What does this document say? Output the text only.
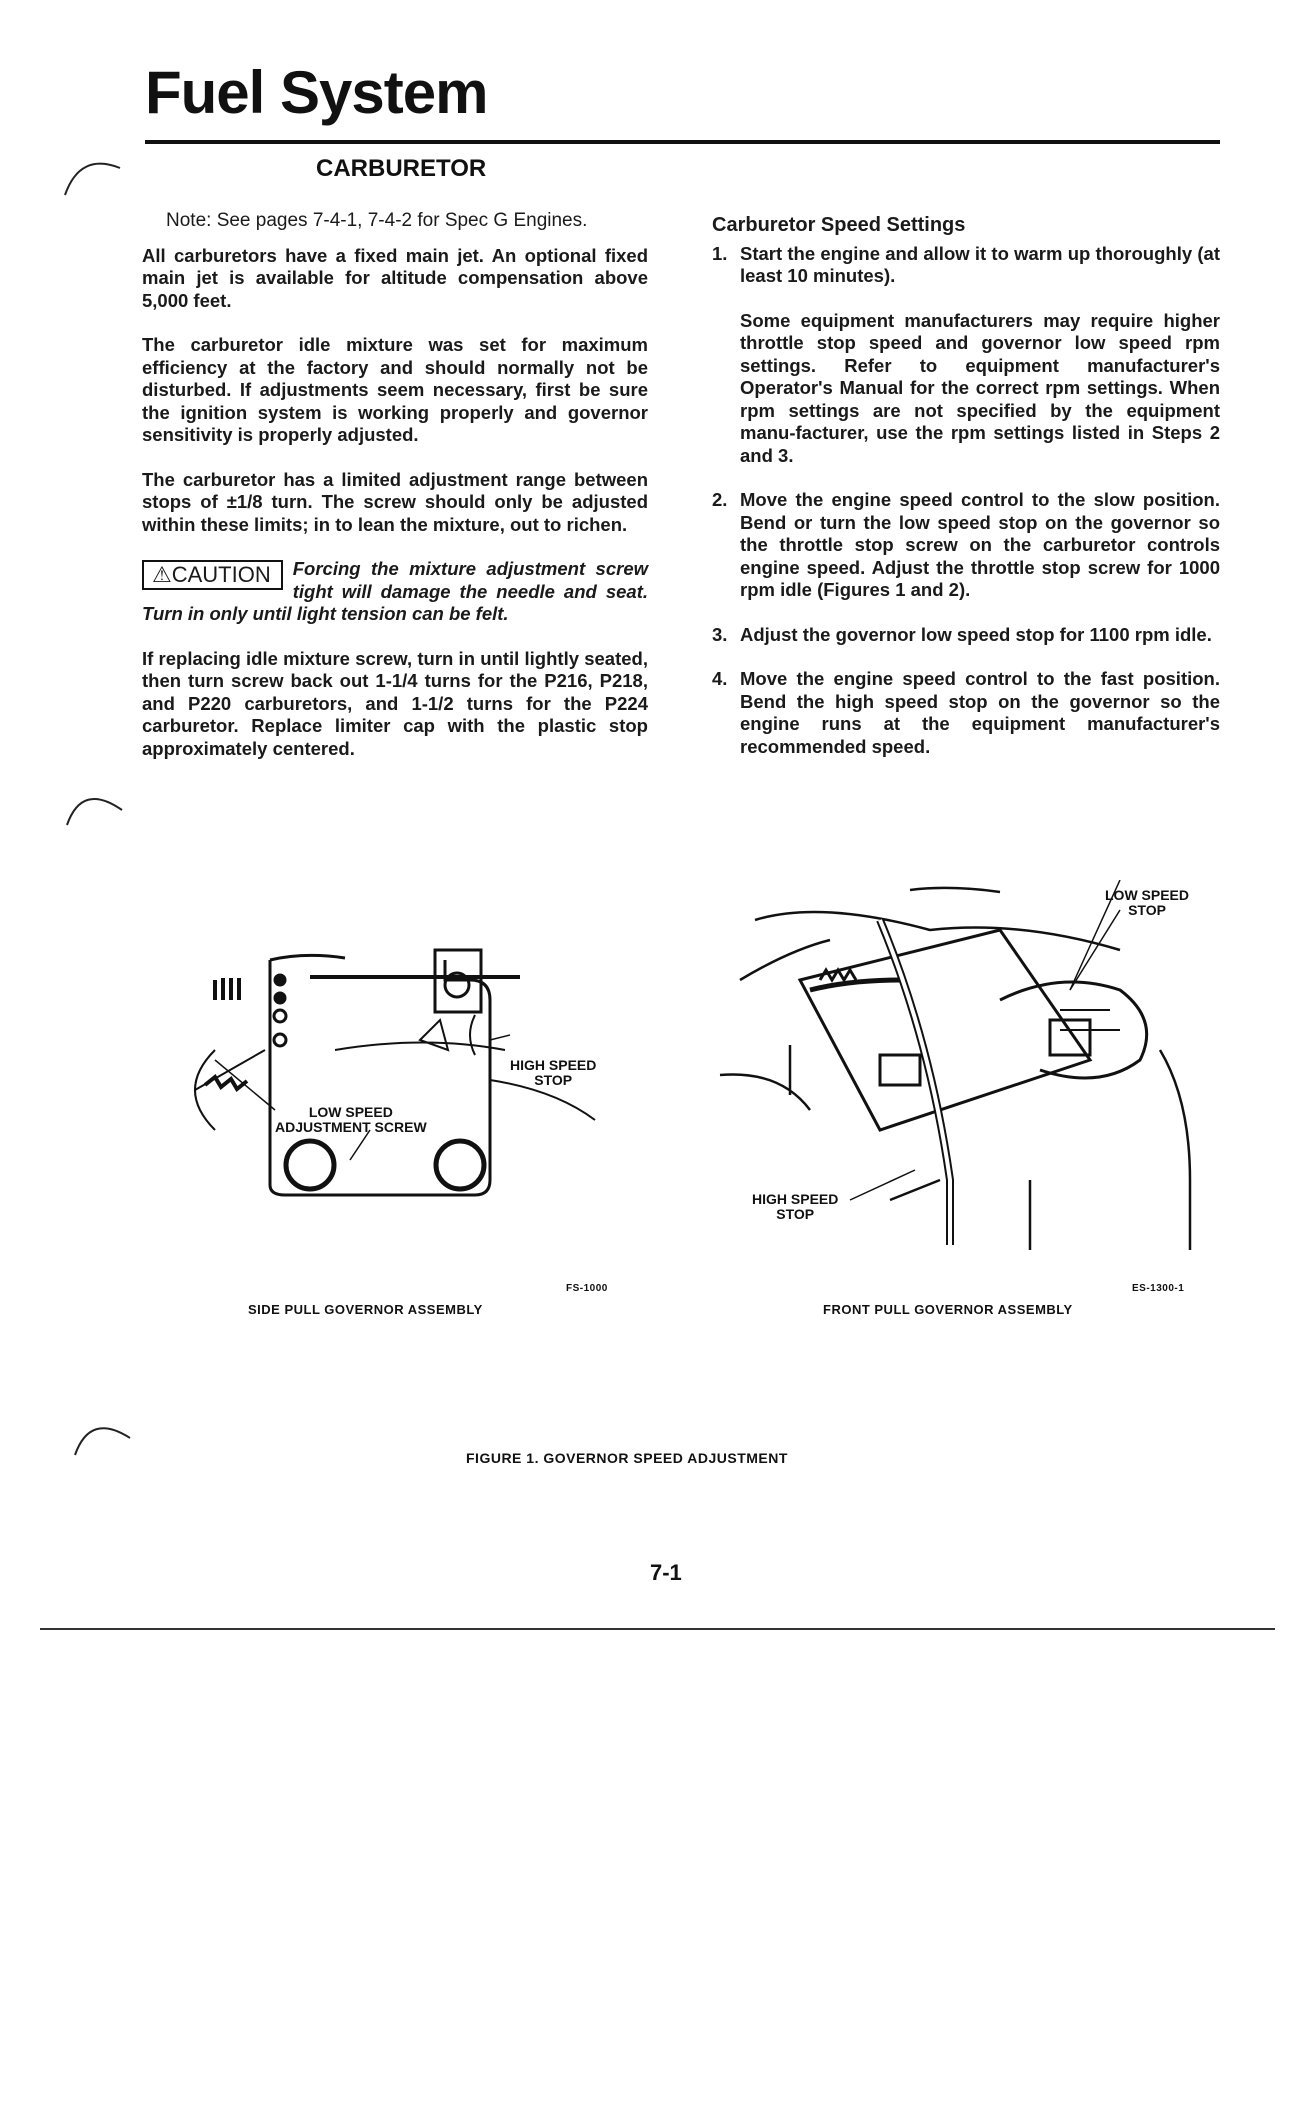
Fuel System
CARBURETOR

Note: See pages 7-4-1, 7-4-2 for Spec G Engines.

All carburetors have a fixed main jet. An optional fixed main jet is available for altitude compensation above 5,000 feet.

The carburetor idle mixture was set for maximum efficiency at the factory and should normally not be disturbed. If adjustments seem necessary, first be sure the ignition system is working properly and governor sensitivity is properly adjusted.

The carburetor has a limited adjustment range between stops of ±1/8 turn. The screw should only be adjusted within these limits; in to lean the mixture, out to richen.

⚠CAUTION	Forcing the mixture adjustment screw tight will damage the needle and seat. Turn in only until light tension can be felt.

If replacing idle mixture screw, turn in until lightly seated, then turn screw back out 1-1/4 turns for the P216, P218, and P220 carburetors, and 1-1/2 turns for the P224 carburetor. Replace limiter cap with the plastic stop approximately centered.

Carburetor Speed Settings
1. Start the engine and allow it to warm up thoroughly (at least 10 minutes).
Some equipment manufacturers may require higher throttle stop speed and governor low speed rpm settings. Refer to equipment manufacturer's Operator's Manual for the correct rpm settings. When rpm settings are not specified by the equipment manu-facturer, use the rpm settings listed in Steps 2 and 3.
2. Move the engine speed control to the slow position. Bend or turn the low speed stop on the governor so the throttle stop screw on the carburetor controls engine speed. Adjust the throttle stop screw for 1000 rpm idle (Figures 1 and 2).
3. Adjust the governor low speed stop for 1100 rpm idle.
4. Move the engine speed control to the fast position. Bend the high speed stop on the governor so the engine runs at the equipment manufacturer's recommended speed.
HIGH SPEED
STOP
LOW SPEED
ADJUSTMENT SCREW
FS-1000
SIDE PULL GOVERNOR ASSEMBLY
LOW SPEED
STOP
HIGH SPEED
STOP
ES-1300-1
FRONT PULL GOVERNOR ASSEMBLY
FIGURE 1. GOVERNOR SPEED ADJUSTMENT
7-1
